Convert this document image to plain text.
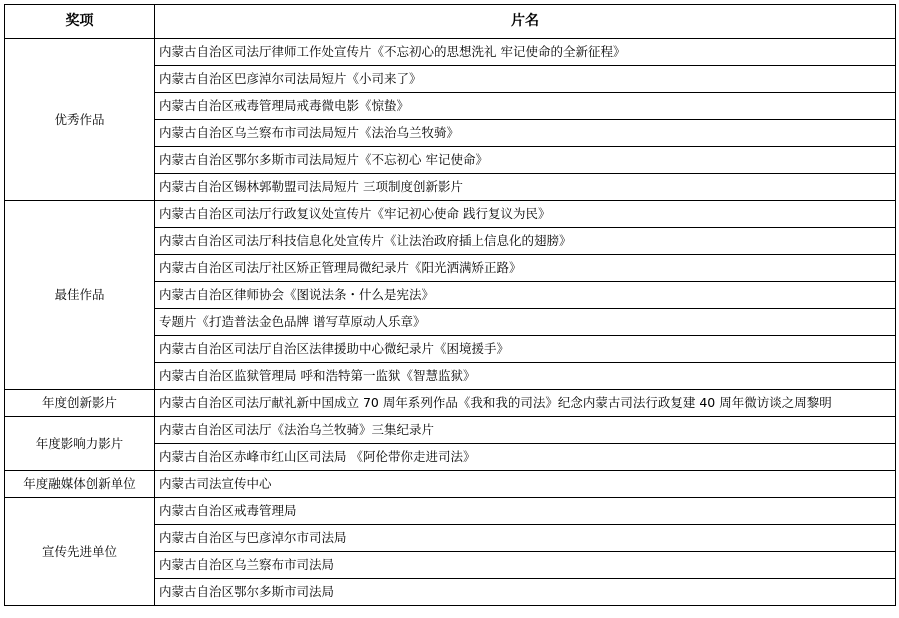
奖项	片名
优秀作品	内蒙古自治区司法厅律师工作处宣传片《不忘初心的思想洗礼 牢记使命的全新征程》
	内蒙古自治区巴彦淖尔司法局短片《小司来了》
	内蒙古自治区戒毒管理局戒毒微电影《惊蛰》
	内蒙古自治区乌兰察布市司法局短片《法治乌兰牧骑》
	内蒙古自治区鄂尔多斯市司法局短片《不忘初心 牢记使命》
	内蒙古自治区锡林郭勒盟司法局短片 三项制度创新影片
最佳作品	内蒙古自治区司法厅行政复议处宣传片《牢记初心使命 践行复议为民》
	内蒙古自治区司法厅科技信息化处宣传片《让法治政府插上信息化的翅膀》
	内蒙古自治区司法厅社区矫正管理局微纪录片《阳光洒满矫正路》
	内蒙古自治区律师协会《图说法条・什么是宪法》
	专题片《打造普法金色品牌 谱写草原动人乐章》
	内蒙古自治区司法厅自治区法律援助中心微纪录片《困境援手》
	内蒙古自治区监狱管理局 呼和浩特第一监狱《智慧监狱》
年度创新影片	内蒙古自治区司法厅献礼新中国成立 70 周年系列作品《我和我的司法》纪念内蒙古司法行政复建 40 周年微访谈之周黎明
年度影响力影片	内蒙古自治区司法厅《法治乌兰牧骑》三集纪录片
	内蒙古自治区赤峰市红山区司法局 《阿伦带你走进司法》
年度融媒体创新单位	内蒙古司法宣传中心
宣传先进单位	内蒙古自治区戒毒管理局
	内蒙古自治区与巴彦淖尔市司法局
	内蒙古自治区乌兰察布市司法局
	内蒙古自治区鄂尔多斯市司法局
